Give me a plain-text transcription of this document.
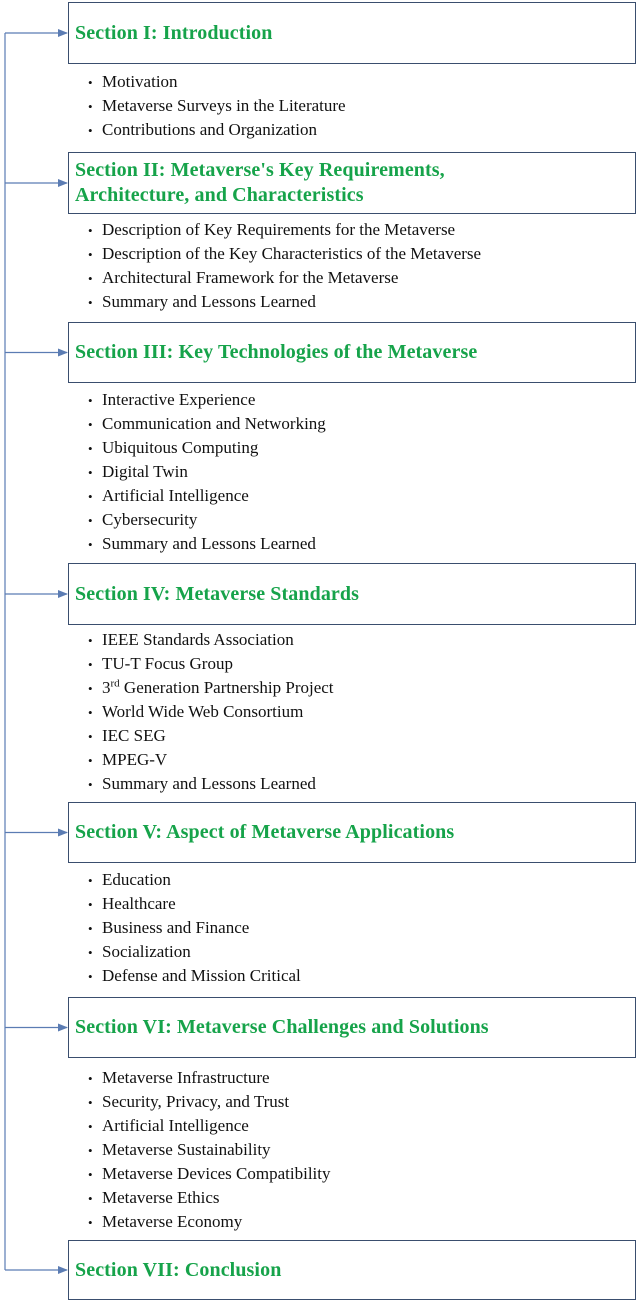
Section I: Introduction
• Motivation
• Metaverse Surveys in the Literature
• Contributions and Organization
Section II: Metaverse's Key Requirements,
Architecture, and Characteristics
• Description of Key Requirements for the Metaverse
• Description of the Key Characteristics of the Metaverse
• Architectural Framework for the Metaverse
• Summary and Lessons Learned
Section III: Key Technologies of the Metaverse
• Interactive Experience
• Communication and Networking
• Ubiquitous Computing
• Digital Twin
• Artificial Intelligence
• Cybersecurity
• Summary and Lessons Learned
Section IV: Metaverse Standards
• IEEE Standards Association
• TU-T Focus Group
• 3rd Generation Partnership Project
• World Wide Web Consortium
• IEC SEG
• MPEG-V
• Summary and Lessons Learned
Section V: Aspect of Metaverse Applications
• Education
• Healthcare
• Business and Finance
• Socialization
• Defense and Mission Critical
Section VI: Metaverse Challenges and Solutions
• Metaverse Infrastructure
• Security, Privacy, and Trust
• Artificial Intelligence
• Metaverse Sustainability
• Metaverse Devices Compatibility
• Metaverse Ethics
• Metaverse Economy
Section VII: Conclusion
